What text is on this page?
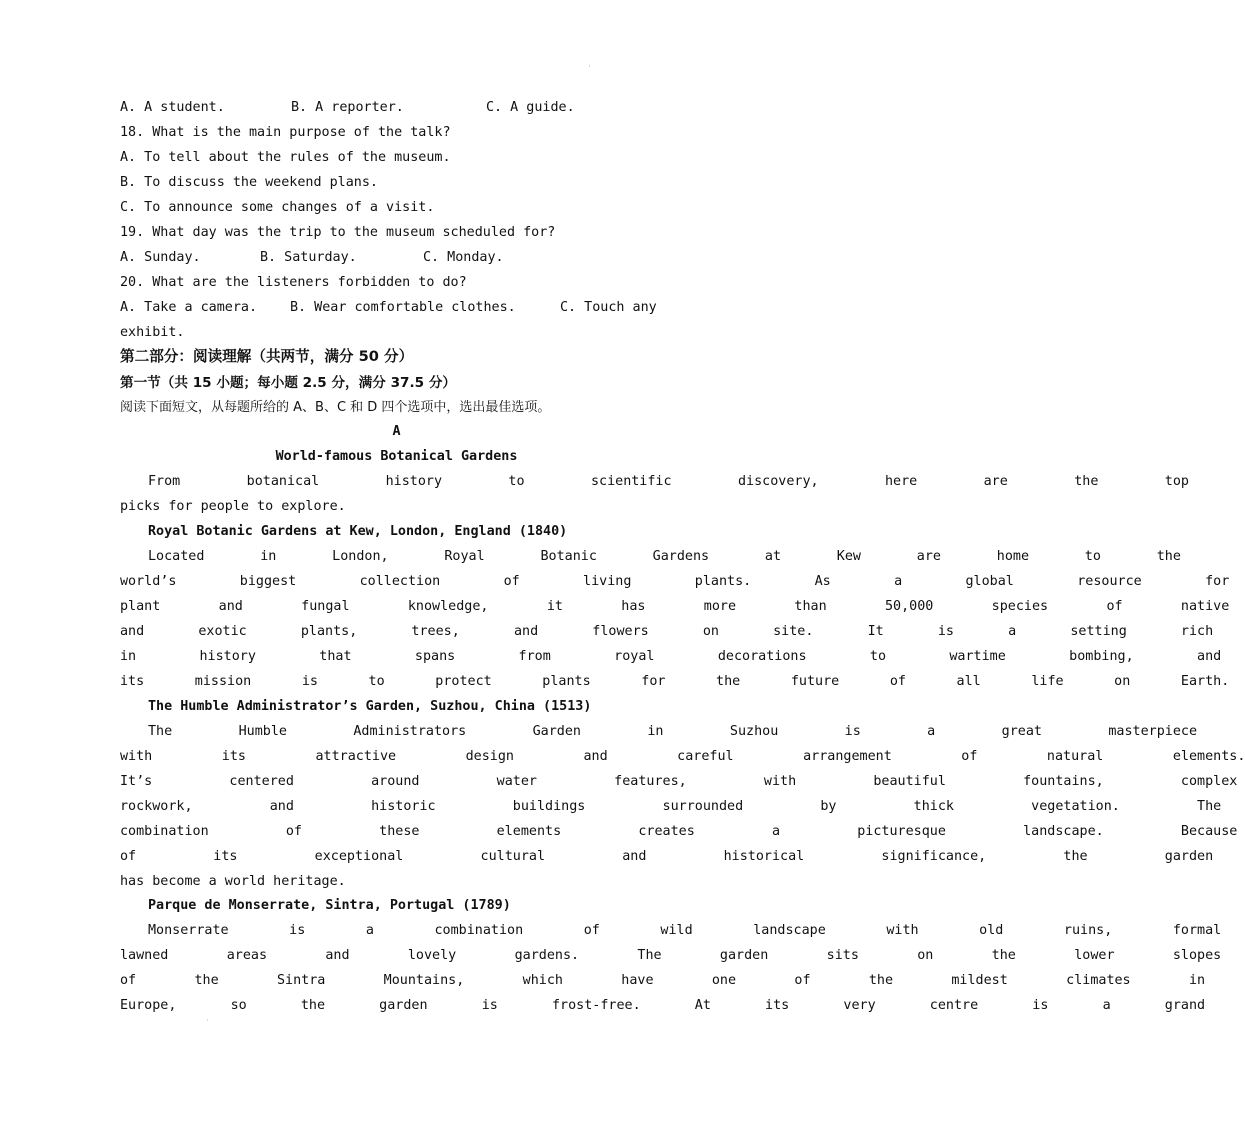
ˈ
ˈ
A. A student.	B. A reporter.	C. A guide.
18. What is the main purpose of the talk?
A. To tell about the rules of the museum.
B. To discuss the weekend plans.
C. To announce some changes of a visit.
19. What day was the trip to the museum scheduled for?
A. Sunday.	B. Saturday.	C. Monday.
20. What are the listeners forbidden to do?
A. Take a camera. B. Wear comfortable clothes.	C. Touch any
exhibit.
第二部分：阅读理解（共两节，满分 50 分）
第一节（共 15 小题；每小题 2.5 分，满分 37.5 分）
阅读下面短文，从每题所给的 A、B、C 和 D 四个选项中，选出最佳选项。
A
World-famous Botanical Gardens
From botanical history to scientific discovery, here are the top
picks for people to explore.
Royal Botanic Gardens at Kew, London, England (1840)
Located in London, Royal Botanic Gardens at Kew are home to the
world’s biggest collection of living plants. As a global resource for
plant and fungal knowledge, it has more than 50,000 species of native
and exotic plants, trees, and flowers on site. It is a setting rich
in history that spans from royal decorations to wartime bombing, and
its mission is to protect plants for the future of all life on Earth.
The Humble Administrator’s Garden, Suzhou, China (1513)
The Humble Administrators Garden in Suzhou is a great masterpiece
with its attractive design and careful arrangement of natural elements.
It’s centered around water features, with beautiful fountains, complex
rockwork, and historic buildings surrounded by thick vegetation. The
combination of these elements creates a picturesque landscape. Because
of its exceptional cultural and historical significance, the garden
has become a world heritage.
Parque de Monserrate, Sintra, Portugal (1789)
Monserrate is a combination of wild landscape with old ruins, formal
lawned areas and lovely gardens. The garden sits on the lower slopes
of the Sintra Mountains, which have one of the mildest climates in
Europe, so the garden is frost-free. At its very centre is a grand
